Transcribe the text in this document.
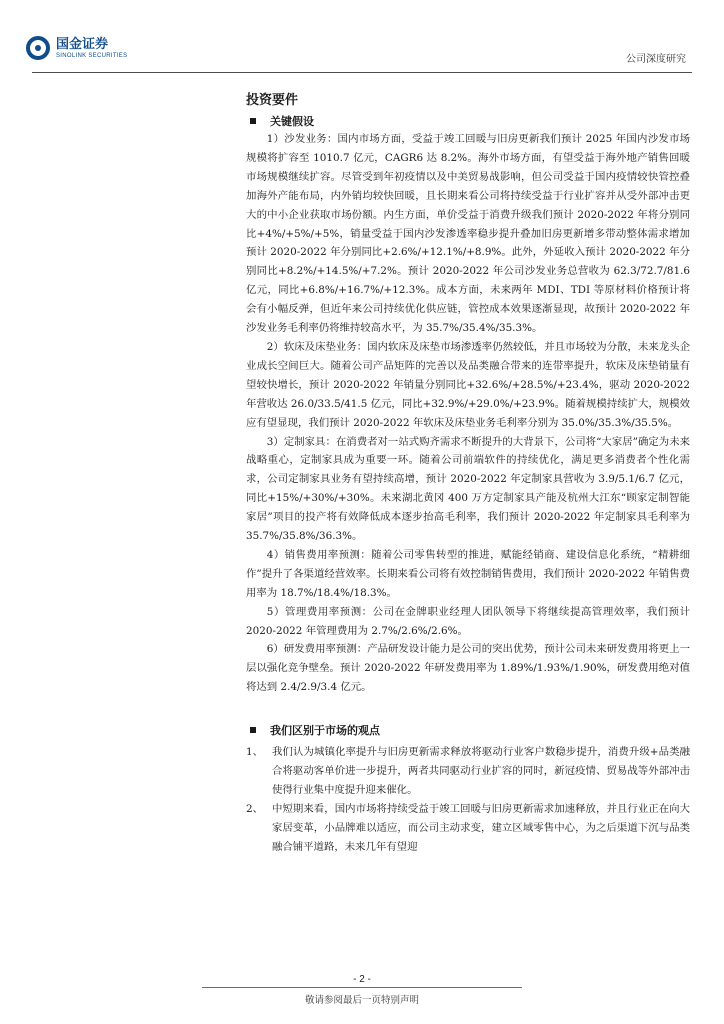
国金证券
SINOLINK SECURITIES	公司深度研究
投资要件
关键假设

1）沙发业务：国内市场方面，受益于竣工回暖与旧房更新我们预计 2025 年国内沙发市场规模将扩容至 1010.7 亿元，CAGR6 达 8.2%。海外市场方面，有望受益于海外地产销售回暖市场规模继续扩容。尽管受到年初疫情以及中美贸易战影响，但公司受益于国内疫情较快管控叠加海外产能布局，内外销均较快回暖，且长期来看公司将持续受益于行业扩容并从受外部冲击更大的中小企业获取市场份额。内生方面，单价受益于消费升级我们预计 2020-2022 年将分别同比+4%/+5%/+5%，销量受益于国内沙发渗透率稳步提升叠加旧房更新增多带动整体需求增加预计 2020-2022 年分别同比+2.6%/+12.1%/+8.9%。此外，外延收入预计 2020-2022 年分别同比+8.2%/+14.5%/+7.2%。预计 2020-2022 年公司沙发业务总营收为 62.3/72.7/81.6 亿元，同比+6.8%/+16.7%/+12.3%。成本方面，未来两年 MDI、TDI 等原材料价格预计将会有小幅反弹，但近年来公司持续优化供应链，管控成本效果逐渐显现，故预计 2020-2022 年沙发业务毛利率仍将维持较高水平，为 35.7%/35.4%/35.3%。

2）软床及床垫业务：国内软床及床垫市场渗透率仍然较低，并且市场较为分散，未来龙头企业成长空间巨大。随着公司产品矩阵的完善以及品类融合带来的连带率提升，软床及床垫销量有望较快增长，预计 2020-2022 年销量分别同比+32.6%/+28.5%/+23.4%，驱动 2020-2022 年营收达 26.0/33.5/41.5 亿元，同比+32.9%/+29.0%/+23.9%。随着规模持续扩大，规模效应有望显现，我们预计 2020-2022 年软床及床垫业务毛利率分别为 35.0%/35.3%/35.5%。

3）定制家具：在消费者对一站式购齐需求不断提升的大背景下，公司将“大家居”确定为未来战略重心，定制家具成为重要一环。随着公司前端软件的持续优化，满足更多消费者个性化需求，公司定制家具业务有望持续高增，预计 2020-2022 年定制家具营收为 3.9/5.1/6.7 亿元，同比+15%/+30%/+30%。未来湖北黄冈 400 万方定制家具产能及杭州大江东“顾家定制智能家居”项目的投产将有效降低成本逐步抬高毛利率，我们预计 2020-2022 年定制家具毛利率为 35.7%/35.8%/36.3%。

4）销售费用率预测：随着公司零售转型的推进，赋能经销商、建设信息化系统，“精耕细作”提升了各渠道经营效率。长期来看公司将有效控制销售费用，我们预计 2020-2022 年销售费用率为 18.7%/18.4%/18.3%。

5）管理费用率预测：公司在金牌职业经理人团队领导下将继续提高管理效率，我们预计 2020-2022 年管理费用为 2.7%/2.6%/2.6%。

6）研发费用率预测：产品研发设计能力是公司的突出优势，预计公司未来研发费用将更上一层以强化竞争壁垒。预计 2020-2022 年研发费用率为 1.89%/1.93%/1.90%，研发费用绝对值将达到 2.4/2.9/3.4 亿元。

我们区别于市场的观点
1、 我们认为城镇化率提升与旧房更新需求释放将驱动行业客户数稳步提升，消费升级+品类融合将驱动客单价进一步提升，两者共同驱动行业扩容的同时，新冠疫情、贸易战等外部冲击使得行业集中度提升迎来催化。
2、 中短期来看，国内市场将持续受益于竣工回暖与旧房更新需求加速释放，并且行业正在向大家居变革，小品牌难以适应，而公司主动求变，建立区域零售中心，为之后渠道下沉与品类融合铺平道路，未来几年有望迎
- 2 -
敬请参阅最后一页特别声明
